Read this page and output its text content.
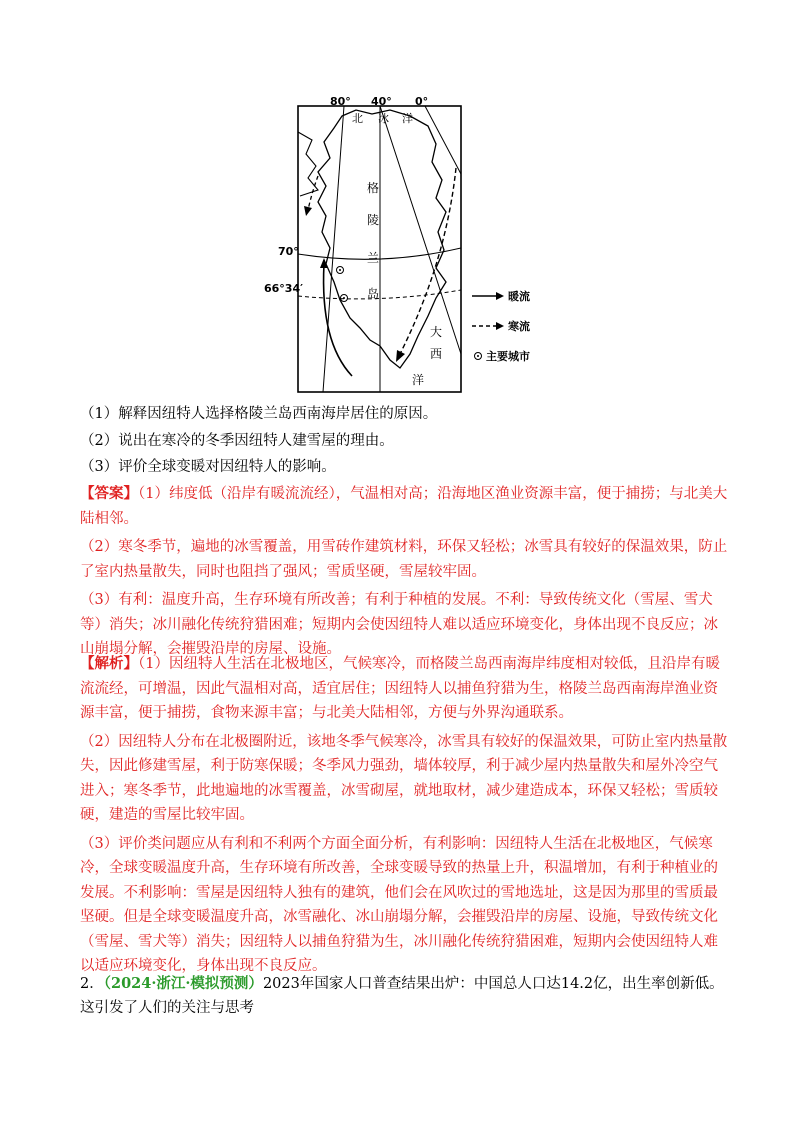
80° 40° 0°
70°
66°34′
北 冰 洋
格
陵
兰
岛
大
西
洋
暖流
寒流
主要城市
（1）解释因纽特人选择格陵兰岛西南海岸居住的原因。
（2）说出在寒冷的冬季因纽特人建雪屋的理由。
（3）评价全球变暖对因纽特人的影响。
【答案】（1）纬度低（沿岸有暖流流经），气温相对高；沿海地区渔业资源丰富，便于捕捞；与北美大陆相邻。
（2）寒冬季节，遍地的冰雪覆盖，用雪砖作建筑材料，环保又轻松；冰雪具有较好的保温效果，防止了室内热量散失，同时也阻挡了强风；雪质坚硬，雪屋较牢固。
（3）有利：温度升高，生存环境有所改善；有利于种植的发展。不利：导致传统文化（雪屋、雪犬等）消失；冰川融化传统狩猎困难；短期内会使因纽特人难以适应环境变化，身体出现不良反应；冰山崩塌分解，会摧毁沿岸的房屋、设施。
【解析】（1）因纽特人生活在北极地区，气候寒冷，而格陵兰岛西南海岸纬度相对较低，且沿岸有暖流流经，可增温，因此气温相对高，适宜居住；因纽特人以捕鱼狩猎为生，格陵兰岛西南海岸渔业资源丰富，便于捕捞，食物来源丰富；与北美大陆相邻，方便与外界沟通联系。
（2）因纽特人分布在北极圈附近，该地冬季气候寒冷，冰雪具有较好的保温效果，可防止室内热量散失，因此修建雪屋，利于防寒保暖；冬季风力强劲，墙体较厚，利于减少屋内热量散失和屋外冷空气进入；寒冬季节，此地遍地的冰雪覆盖，冰雪砌屋，就地取材，减少建造成本，环保又轻松；雪质较硬，建造的雪屋比较牢固。
（3）评价类问题应从有利和不利两个方面全面分析，有利影响：因纽特人生活在北极地区，气候寒冷，全球变暖温度升高，生存环境有所改善，全球变暖导致的热量上升，积温增加，有利于种植业的发展。不利影响：雪屋是因纽特人独有的建筑，他们会在风吹过的雪地选址，这是因为那里的雪质最坚硬。但是全球变暖温度升高，冰雪融化、冰山崩塌分解，会摧毁沿岸的房屋、设施，导致传统文化（雪屋、雪犬等）消失；因纽特人以捕鱼狩猎为生，冰川融化传统狩猎困难，短期内会使因纽特人难以适应环境变化，身体出现不良反应。
2．（2024·浙江·模拟预测）2023年国家人口普查结果出炉：中国总人口达14.2亿，出生率创新低。这引发了人们的关注与思考
